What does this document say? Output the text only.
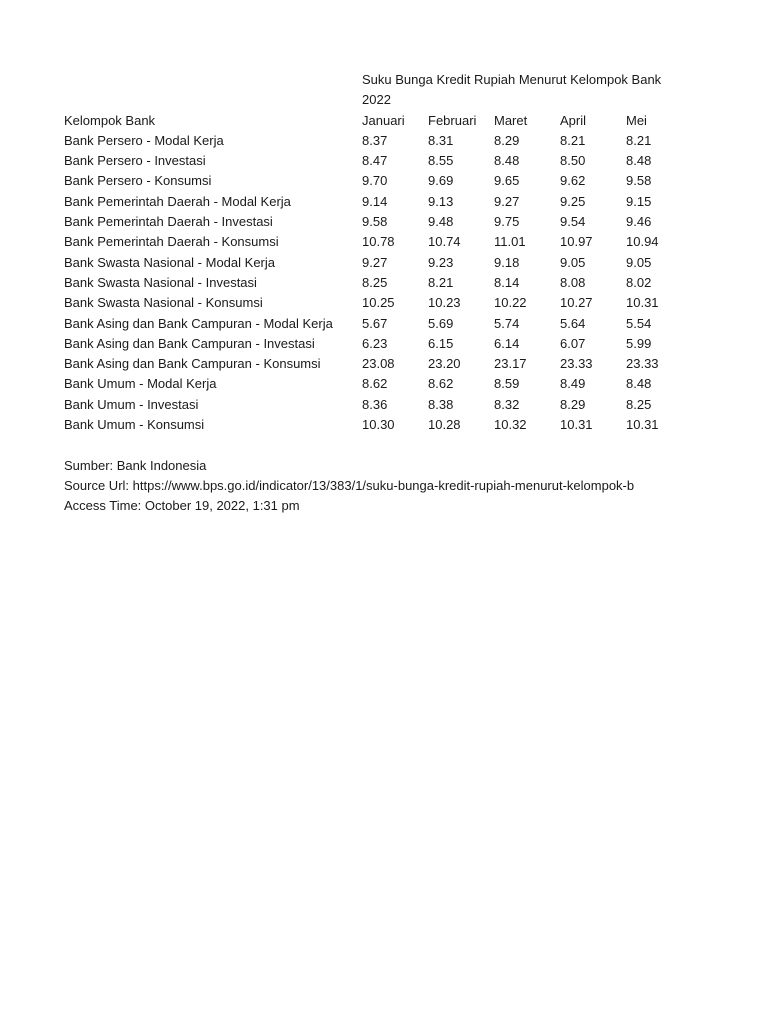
Suku Bunga Kredit Rupiah Menurut Kelompok Bank
2022
Kelompok Bank	Januari Februari Maret	April	Mei
Bank Persero - Modal Kerja	8.37	8.31	8.29	8.21	8.21
Bank Persero - Investasi	8.47	8.55	8.48	8.50	8.48
Bank Persero - Konsumsi	9.70	9.69	9.65	9.62	9.58
Bank Pemerintah Daerah - Modal Kerja	9.14	9.13	9.27	9.25	9.15
Bank Pemerintah Daerah - Investasi	9.58	9.48	9.75	9.54	9.46
Bank Pemerintah Daerah - Konsumsi	10.78	10.74	11.01	10.97	10.94
Bank Swasta Nasional - Modal Kerja	9.27	9.23	9.18	9.05	9.05
Bank Swasta Nasional - Investasi	8.25	8.21	8.14	8.08	8.02
Bank Swasta Nasional - Konsumsi	10.25	10.23	10.22	10.27	10.31
Bank Asing dan Bank Campuran - Modal Kerja	5.67	5.69	5.74	5.64	5.54
Bank Asing dan Bank Campuran - Investasi	6.23	6.15	6.14	6.07	5.99
Bank Asing dan Bank Campuran - Konsumsi	23.08	23.20	23.17	23.33	23.33
Bank Umum - Modal Kerja	8.62	8.62	8.59	8.49	8.48
Bank Umum - Investasi	8.36	8.38	8.32	8.29	8.25
Bank Umum - Konsumsi	10.30	10.28	10.32	10.31	10.31
Sumber: Bank Indonesia
Source Url: https://www.bps.go.id/indicator/13/383/1/suku-bunga-kredit-rupiah-menurut-kelompok-b
Access Time: October 19, 2022, 1:31 pm
